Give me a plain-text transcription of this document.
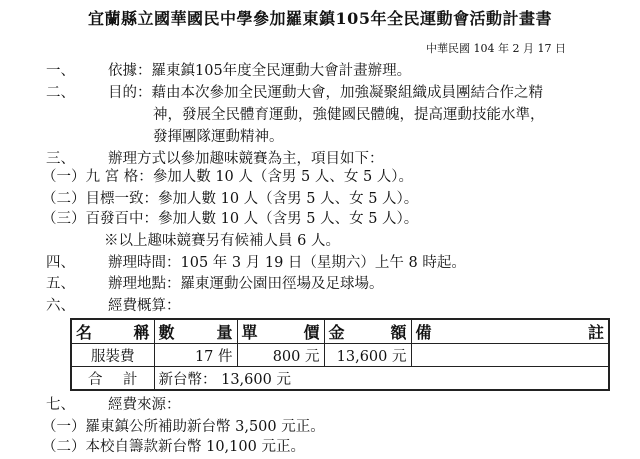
宜蘭縣立國華國民中學參加羅東鎮105年全民運動會活動計畫書
中華民國 104 年 2 月 17 日
一、 依據：羅東鎮105年度全民運動大會計畫辦理。
二、 目的：藉由本次參加全民運動大會，加強凝聚組織成員團結合作之精
神，發展全民體育運動，強健國民體魄，提高運動技能水準，
發揮團隊運動精神。
三、 辦理方式以參加趣味競賽為主，項目如下：
（一）九 宮 格：參加人數 10 人（含男 5 人、女 5 人）。
（二）目標一致：參加人數 10 人（含男 5 人、女 5 人）。
（三）百發百中：參加人數 10 人（含男 5 人、女 5 人）。
※以上趣味競賽另有候補人員 6 人。
四、 辦理時間：105 年 3 月 19 日（星期六）上午 8 時起。
五、 辦理地點：羅東運動公園田徑場及足球場。
六、 經費概算：
名 稱	數 量	單 價	金 額	備 註

服裝費	17 件	800 元	13,600 元	

合 計	新台幣： 13,600 元			
七、 經費來源：
（一）羅東鎮公所補助新台幣 3,500 元正。
（二）本校自籌款新台幣 10,100 元正。
